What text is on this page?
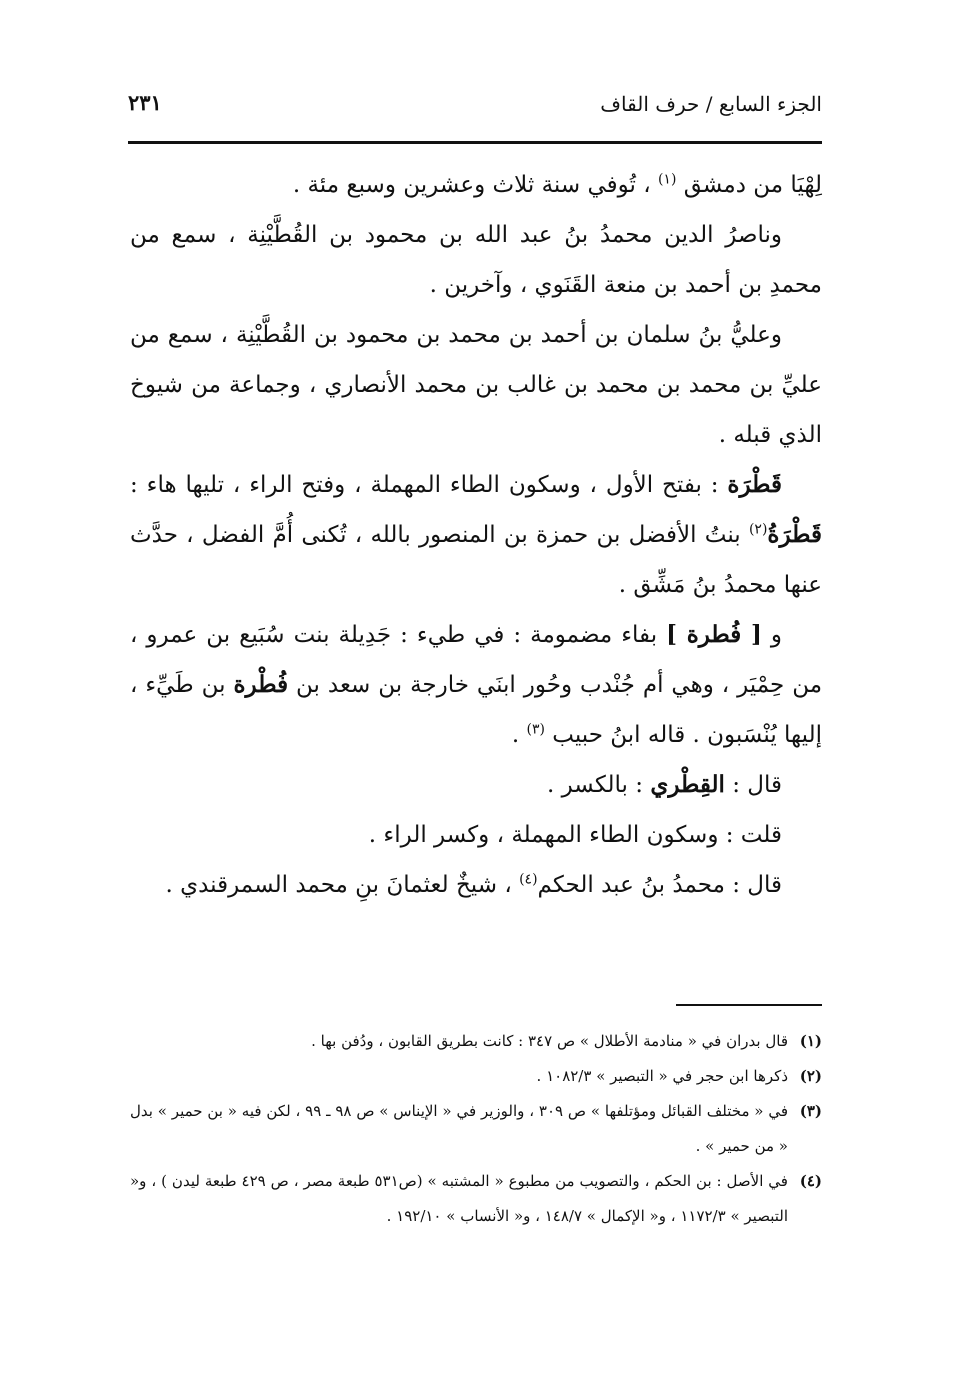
الجزء السابع / حرف القاف
٢٣١

لِهْيَا من دمشق $^{(١)}$ ، تُوفي سنة ثلاث وعشرين وسبع مئة .

وناصرُ الدين محمدُ بنُ عبد الله بن محمود بن القُطَّيْنِة ، سمع من محمدِ بن أحمد بن منعة القَنَوي ، وآخرين .

وعليُّ بنُ سلمان بن أحمد بن محمد بن محمود بن القُطَّيْنِة ، سمع من عليِّ بن محمد بن محمد بن غالب بن محمد الأنصاري ، وجماعة من شيوخ الذي قبله .

قَطْرَة : بفتح الأول ، وسكون الطاء المهملة ، وفتح الراء ، تليها هاء : قَطْرَةُ$^{(٢)}$ بنتُ الأفضل بن حمزة بن المنصور بالله ، تُكنى أُمَّ الفضل ، حدَّث عنها محمدُ بنُ مَشِّق .

و [ فُطرة ] بفاء مضمومة : في طيء : جَدِيلة بنت سُبَيع بن عمرو ، من حِمْيَر ، وهي أم جُنْدب وحُور ابنَي خارجة بن سعد بن فُطْرة بن طَيِّء ، إليها يُنْسَبون . قاله ابنُ حبيب $^{(٣)}$ .

قال : القِطْري : بالكسر .

قلت : وسكون الطاء المهملة ، وكسر الراء .

قال : محمدُ بنُ عبد الحكم$^{(٤)}$ ، شيخٌ لعثمانَ بنِ محمد السمرقندي .

(١)
قال بدران في « منادمة الأطلال » ص ٣٤٧ : كانت بطريق القابون ، ودُفن بها .
(٢)
ذكرها ابن حجر في « التبصير » ١٠٨٢/٣ .
(٣)
في « مختلف القبائل ومؤتلفها » ص ٣٠٩ ، والوزير في « الإيناس » ص ٩٨ ـ ٩٩ ، لكن فيه « بن حمير » بدل « من حمير » .
(٤)
في الأصل : بن الحكم ، والتصويب من مطبوع « المشتبه » (ص٥٣١ طبعة مصر ، ص ٤٢٩ طبعة ليدن ) ، و« التبصير » ١١٧٢/٣ ، و« الإكمال » ١٤٨/٧ ، و« الأنساب » ١٩٢/١٠ .
